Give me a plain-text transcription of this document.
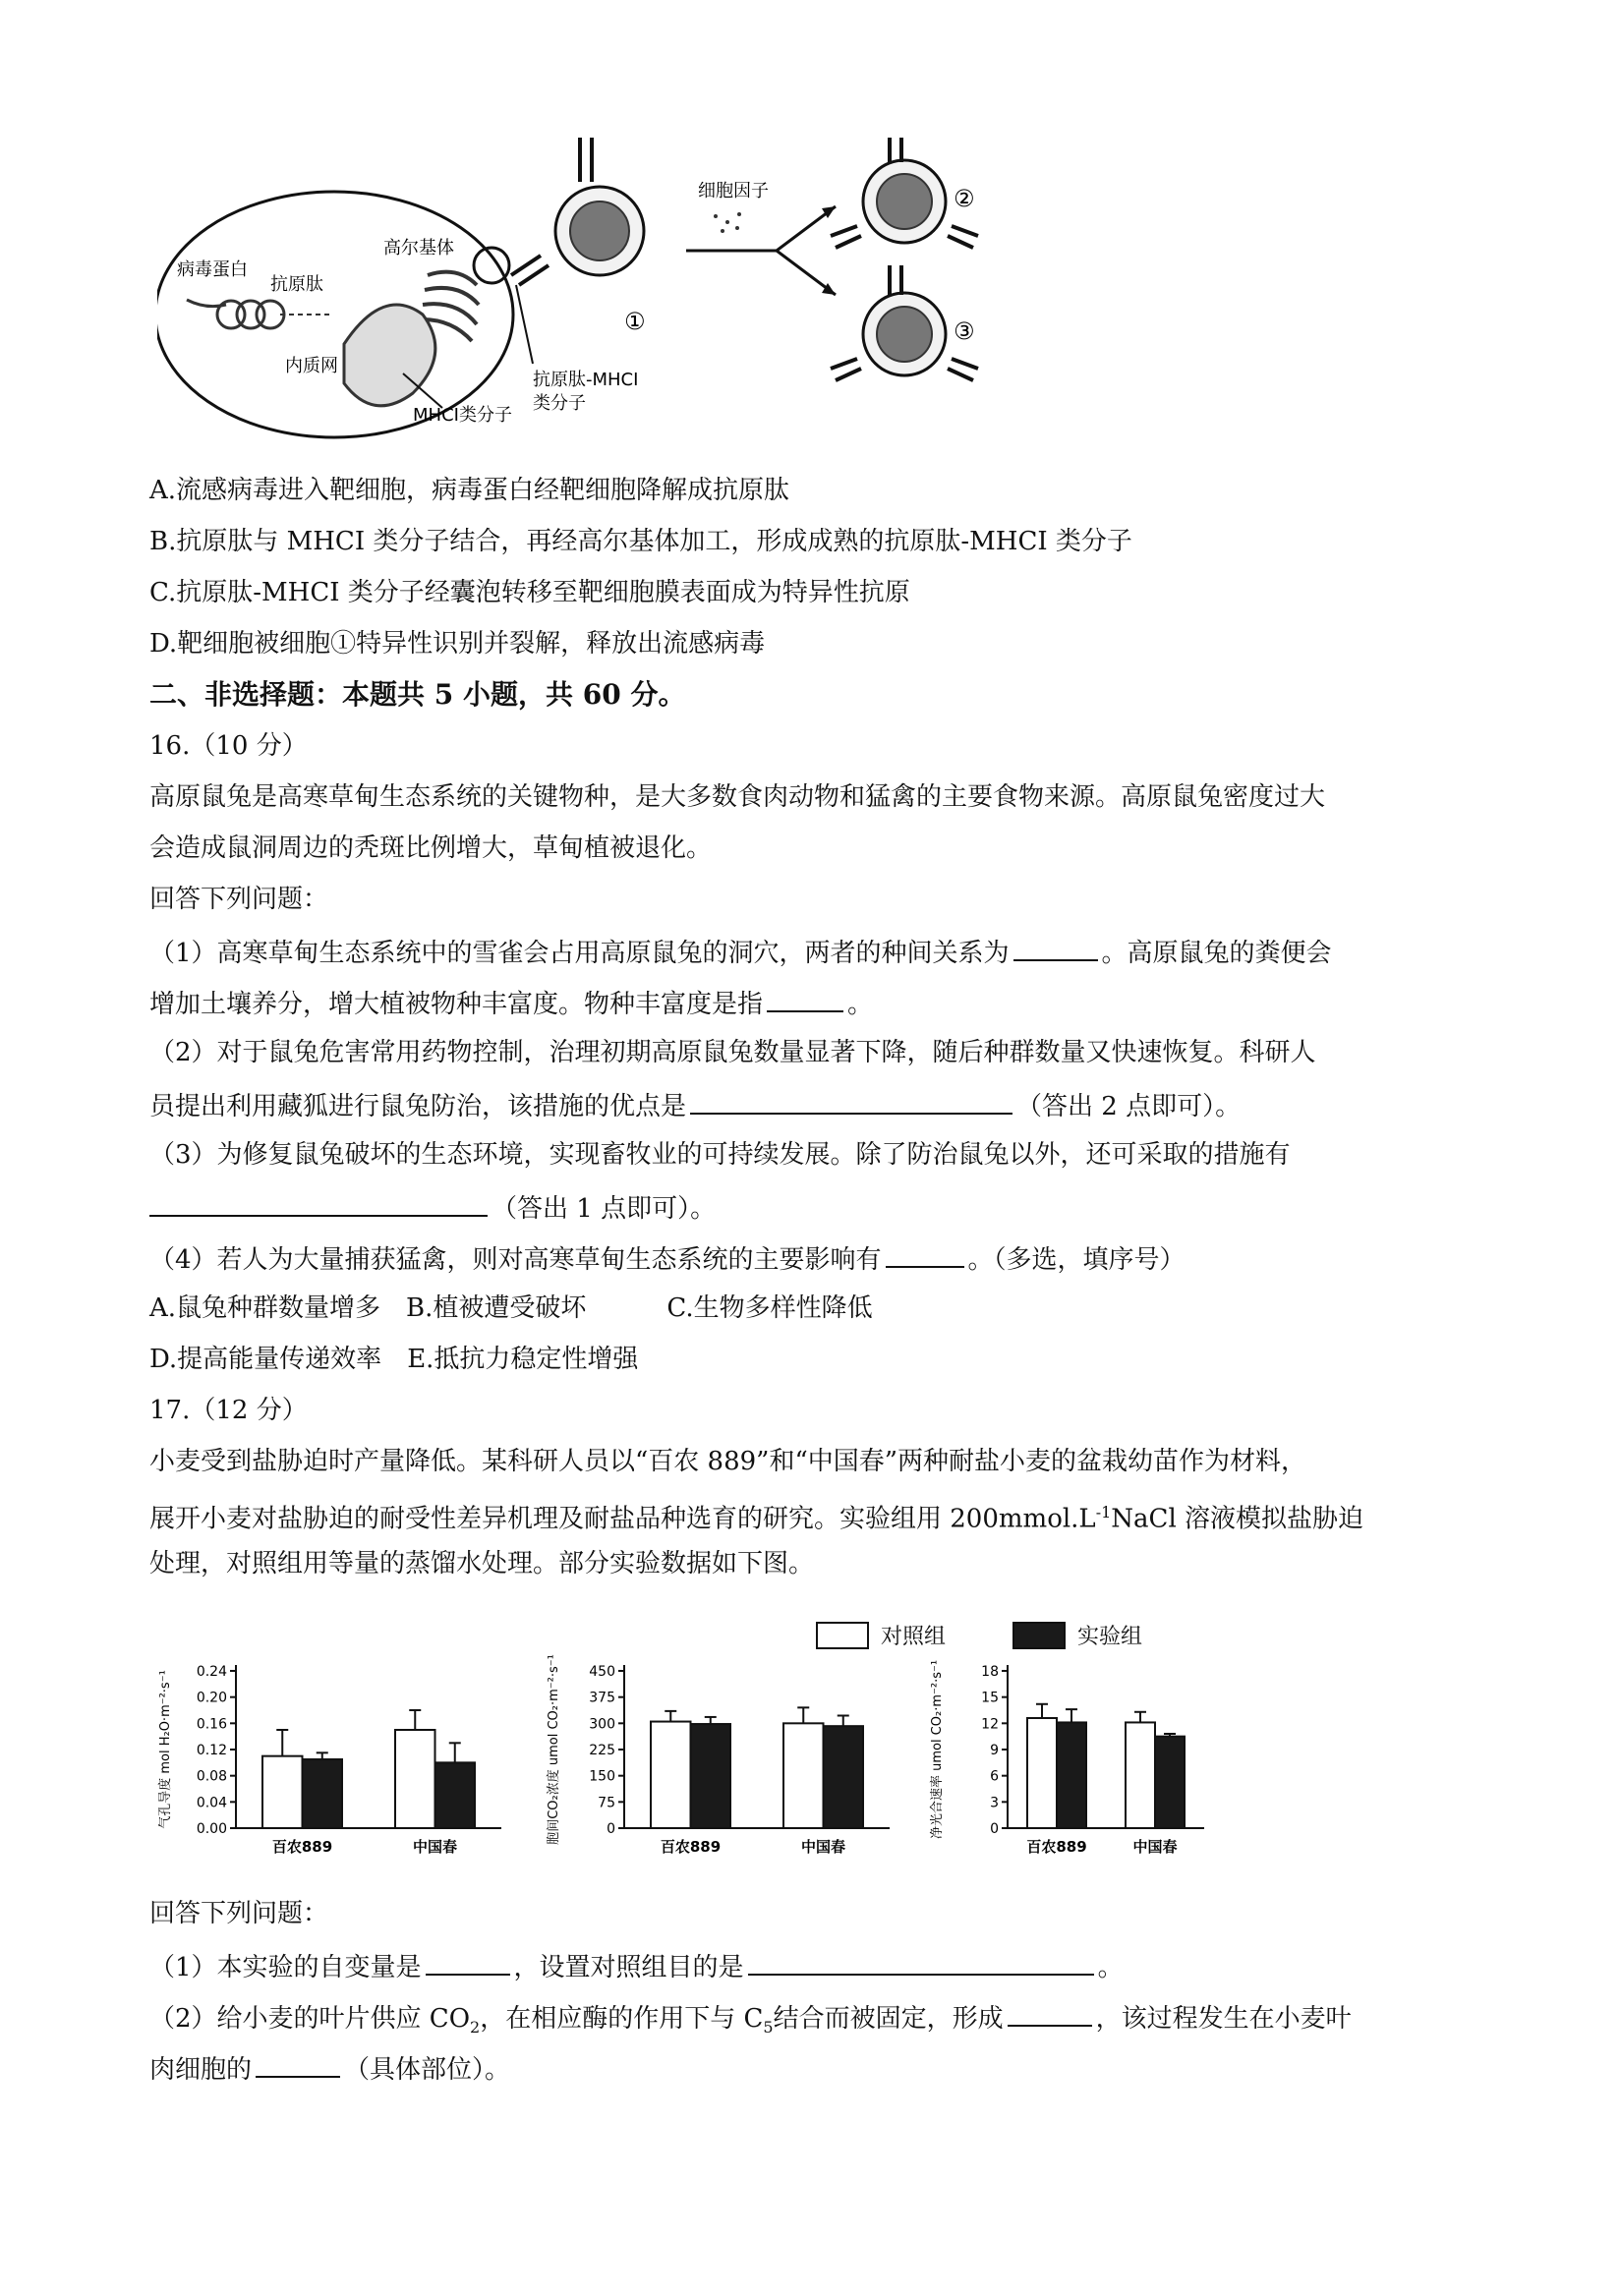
病毒蛋白
抗原肽
高尔基体
内质网
MHCⅠ类分子
①
抗原肽-MHCⅠ
类分子
细胞因子	②
③
A.流感病毒进入靶细胞，病毒蛋白经靶细胞降解成抗原肽
B.抗原肽与 MHCⅠ 类分子结合，再经高尔基体加工，形成成熟的抗原肽-MHCⅠ 类分子
C.抗原肽-MHCⅠ 类分子经囊泡转移至靶细胞膜表面成为特异性抗原
D.靶细胞被细胞①特异性识别并裂解，释放出流感病毒
二、非选择题：本题共 5 小题，共 60 分。
16.（10 分）
高原鼠兔是高寒草甸生态系统的关键物种，是大多数食肉动物和猛禽的主要食物来源。高原鼠兔密度过大
会造成鼠洞周边的秃斑比例增大，草甸植被退化。
回答下列问题：
（1）高寒草甸生态系统中的雪雀会占用高原鼠兔的洞穴，两者的种间关系为	。高原鼠兔的粪便会
增加土壤养分，增大植被物种丰富度。物种丰富度是指	。
（2）对于鼠兔危害常用药物控制，治理初期高原鼠兔数量显著下降，随后种群数量又快速恢复。科研人
员提出利用藏狐进行鼠兔防治，该措施的优点是	（答出 2 点即可）。
（3）为修复鼠兔破坏的生态环境，实现畜牧业的可持续发展。除了防治鼠兔以外，还可采取的措施有
（答出 1 点即可）。
（4）若人为大量捕获猛禽，则对高寒草甸生态系统的主要影响有	。（多选，填序号）
A.鼠兔种群数量增多 B.植被遭受破坏	C.生物多样性降低
D.提高能量传递效率 E.抵抗力稳定性增强
17.（12 分）
小麦受到盐胁迫时产量降低。某科研人员以“百农 889”和“中国春”两种耐盐小麦的盆栽幼苗作为材料，
展开小麦对盐胁迫的耐受性差异机理及耐盐品种选育的研究。实验组用 $200mmol.L^{-1}NaCl$ 溶液模拟盐胁迫
处理，对照组用等量的蒸馏水处理。部分实验数据如下图。
对照组	实验组
气孔导度 mol H₂O·m⁻²·s⁻¹ 0.24
0.20
0.16
0.12
0.08
0.04
0.00
百农889	中国春
胞间CO₂浓度 umol CO₂·m⁻²·s⁻¹ 450
375
300
225
150
75
0
百农889	中国春
净光合速率 umol CO₂·m⁻²·s⁻¹	18
15
12
9
6
3
0
百农889	中国春
回答下列问题：
（1）本实验的自变量是	，设置对照组目的是	。
（2）给小麦的叶片供应 $CO_2$，在相应酶的作用下与 $C_5$结合而被固定，形成	，该过程发生在小麦叶
肉细胞的	（具体部位）。
